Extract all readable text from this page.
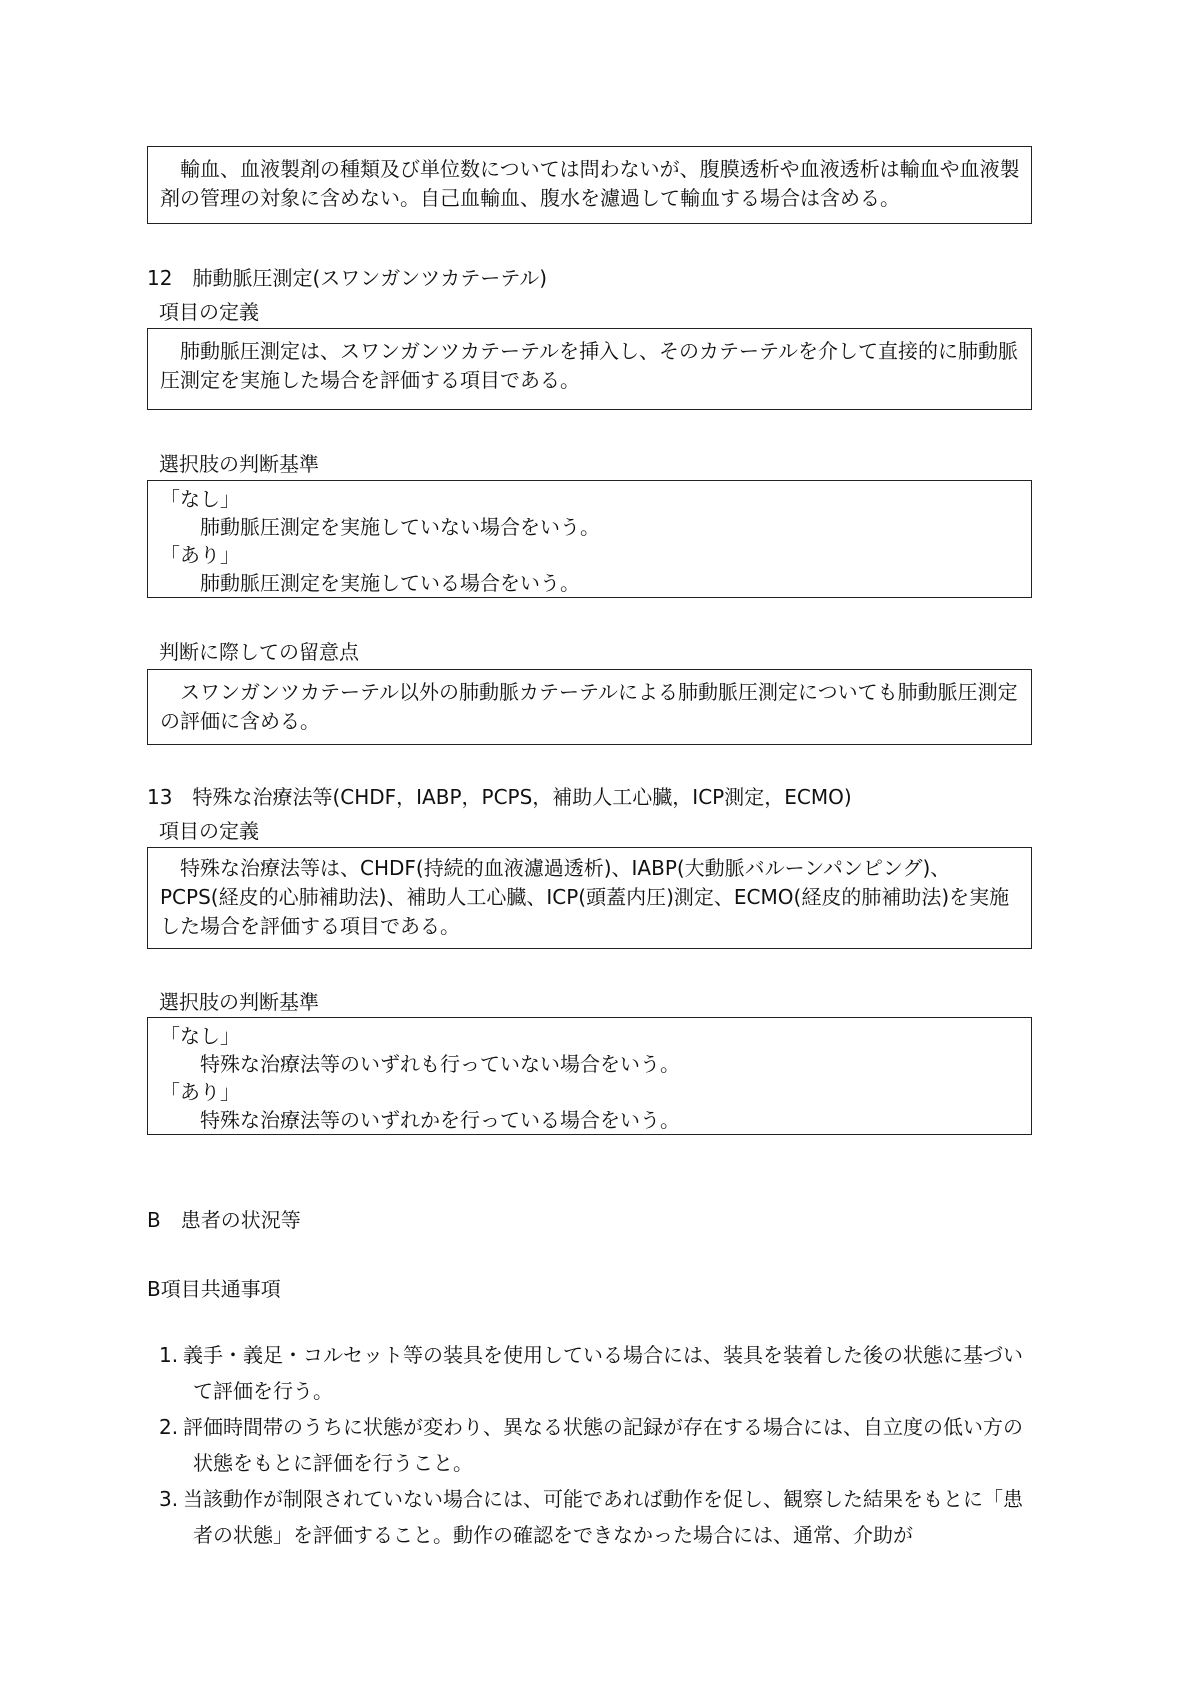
輸血、血液製剤の種類及び単位数については問わないが、腹膜透析や血液透析は輸血や血液製剤の管理の対象に含めない。自己血輸血、腹水を濾過して輸血する場合は含める。

12　肺動脈圧測定(スワンガンツカテーテル)
項目の定義

肺動脈圧測定は、スワンガンツカテーテルを挿入し、そのカテーテルを介して直接的に肺動脈圧測定を実施した場合を評価する項目である。

選択肢の判断基準

「なし」

肺動脈圧測定を実施していない場合をいう。

「あり」

肺動脈圧測定を実施している場合をいう。

判断に際しての留意点

スワンガンツカテーテル以外の肺動脈カテーテルによる肺動脈圧測定についても肺動脈圧測定の評価に含める。

13　特殊な治療法等(CHDF，IABP，PCPS，補助人工心臓，ICP測定，ECMO)
項目の定義

特殊な治療法等は、CHDF(持続的血液濾過透析)、IABP(大動脈バルーンパンピング)、PCPS(経皮的心肺補助法)、補助人工心臓、ICP(頭蓋内圧)測定、ECMO(経皮的肺補助法)を実施した場合を評価する項目である。

選択肢の判断基準

「なし」

特殊な治療法等のいずれも行っていない場合をいう。

「あり」

特殊な治療法等のいずれかを行っている場合をいう。

B　患者の状況等
B項目共通事項
1. 義手・義足・コルセット等の装具を使用している場合には、装具を装着した後の状態に基づいて評価を行う。
2. 評価時間帯のうちに状態が変わり、異なる状態の記録が存在する場合には、自立度の低い方の状態をもとに評価を行うこと。
3. 当該動作が制限されていない場合には、可能であれば動作を促し、観察した結果をもとに「患者の状態」を評価すること。動作の確認をできなかった場合には、通常、介助が
